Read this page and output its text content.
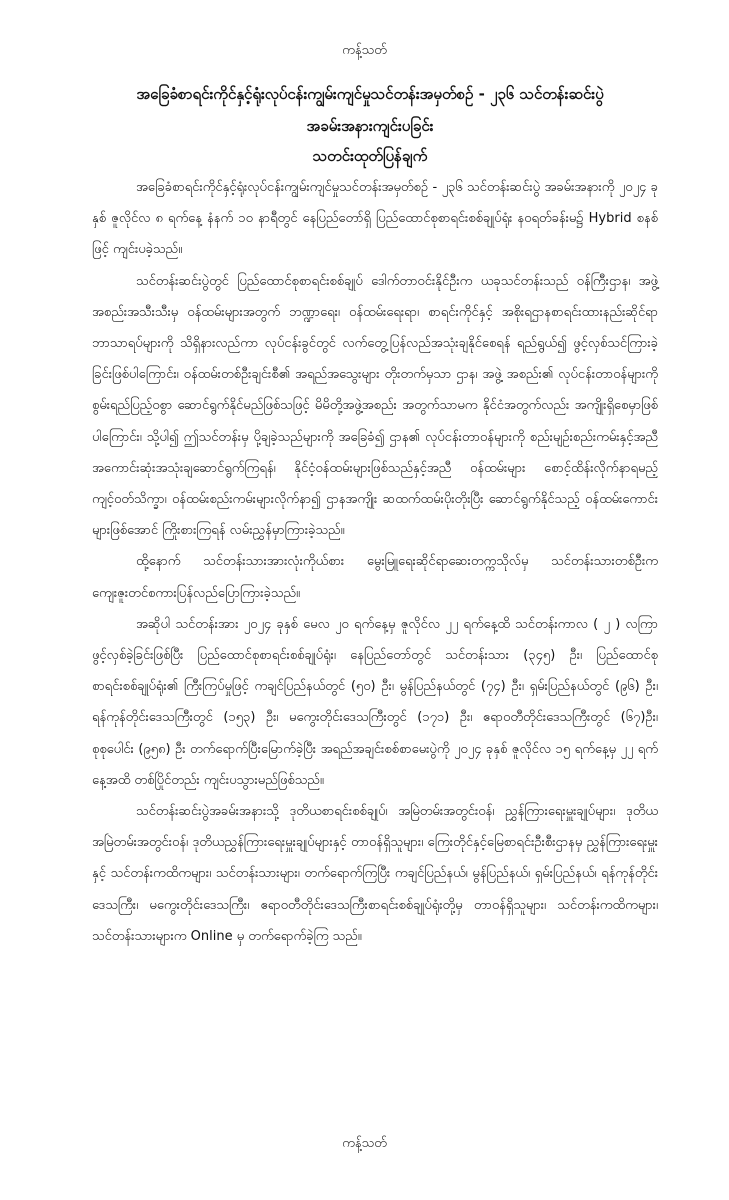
ကန့်သတ်
အခြေခံစာရင်းကိုင်နှင့်ရုံးလုပ်ငန်းကျွမ်းကျင်မှုသင်တန်းအမှတ်စဉ် - ၂၃၆ သင်တန်းဆင်းပွဲ
အခမ်းအနားကျင်းပခြင်း
သတင်းထုတ်ပြန်ချက်

အခြေခံစာရင်းကိုင်နှင့်ရုံးလုပ်ငန်းကျွမ်းကျင်မှုသင်တန်းအမှတ်စဉ် - ၂၃၆ သင်တန်းဆင်းပွဲ အခမ်းအနားကို ၂၀၂၄ ခုနှစ် ဇူလိုင်လ ၈ ရက်နေ့ နံနက် ၁၀ နာရီတွင် နေပြည်တော်ရှိ ပြည်ထောင်စုစာရင်းစစ်ချုပ်ရုံး နဝရတ်ခန်းမ၌ Hybrid စနစ်ဖြင့် ကျင်းပခဲ့သည်။

သင်တန်းဆင်းပွဲတွင် ပြည်ထောင်စုစာရင်းစစ်ချုပ် ဒေါက်တာဝင်းနိုင်ဦးက ယခုသင်တန်းသည် ဝန်ကြီးဌာန၊ အဖွဲ့အစည်းအသီးသီးမှ ဝန်ထမ်းများအတွက် ဘဏ္ဍာရေး၊ ဝန်ထမ်းရေးရာ၊ စာရင်းကိုင်နှင့် အစိုးရဌာနစာရင်းထားနည်းဆိုင်ရာ ဘာသာရပ်များကို သိရှိနားလည်ကာ လုပ်ငန်းခွင်တွင် လက်တွေ့ပြန်လည်အသုံးချနိုင်စေရန် ရည်ရွယ်၍ ဖွင့်လှစ်သင်ကြားခဲ့ခြင်းဖြစ်ပါကြောင်း၊ ဝန်ထမ်းတစ်ဦးချင်းစီ၏ အရည်အသွေးများ တိုးတက်မှသာ ဌာန၊ အဖွဲ့ အစည်း၏ လုပ်ငန်းတာဝန်များကို စွမ်းရည်ပြည့်ဝစွာ ဆောင်ရွက်နိုင်မည်ဖြစ်သဖြင့် မိမိတို့အဖွဲ့အစည်း အတွက်သာမက နိုင်ငံအတွက်လည်း အကျိုးရှိစေမှာဖြစ်ပါကြောင်း၊ သို့ပါ၍ ဤသင်တန်းမှ ပို့ချခဲ့သည်များကို အခြေခံ၍ ဌာန၏ လုပ်ငန်းတာဝန်များကို စည်းမျဉ်းစည်းကမ်းနှင့်အညီ အကောင်းဆုံးအသုံးချဆောင်ရွက်ကြရန်၊ နိုင်ငံ့ဝန်ထမ်းများဖြစ်သည်နှင့်အညီ ဝန်ထမ်းများ စောင့်ထိန်းလိုက်နာရမည့် ကျင့်ဝတ်သိက္ခာ၊ ဝန်ထမ်းစည်းကမ်းများလိုက်နာ၍ ဌာနအကျိုး ဆထက်ထမ်းပိုးတိုးပြီး ဆောင်ရွက်နိုင်သည့် ဝန်ထမ်းကောင်းများဖြစ်အောင် ကြိုးစားကြရန် လမ်းညွှန်မှာကြားခဲ့သည်။

ထို့နောက် သင်တန်းသားအားလုံးကိုယ်စား မွေးမြူရေးဆိုင်ရာဆေးတက္ကသိုလ်မှ သင်တန်းသားတစ်ဦးက ကျေးဇူးတင်စကားပြန်လည်ပြောကြားခဲ့သည်။

အဆိုပါ သင်တန်းအား ၂၀၂၄ ခုနှစ် မေလ ၂၀ ရက်နေ့မှ ဇူလိုင်လ ၂၂ ရက်နေ့ထိ သင်တန်းကာလ ( ၂ ) လကြာ ဖွင့်လှစ်ခဲ့ခြင်းဖြစ်ပြီး ပြည်ထောင်စုစာရင်းစစ်ချုပ်ရုံး၊ နေပြည်တော်တွင် သင်တန်းသား (၃၄၅) ဦး၊ ပြည်ထောင်စုစာရင်းစစ်ချုပ်ရုံး၏ ကြီးကြပ်မှုဖြင့် ကချင်ပြည်နယ်တွင် (၅၀) ဦး၊ မွန်ပြည်နယ်တွင် (၇၄) ဦး၊ ရှမ်းပြည်နယ်တွင် (၉၆) ဦး၊ ရန်ကုန်တိုင်းဒေသကြီးတွင် (၁၅၃) ဦး၊ မကွေးတိုင်းဒေသကြီးတွင် (၁၇၁) ဦး၊ ဧရာဝတီတိုင်းဒေသကြီးတွင် (၆၇)ဦး၊ စုစုပေါင်း (၉၅၈) ဦး တက်ရောက်ပြီးမြောက်ခဲ့ပြီး အရည်အချင်းစစ်စာမေးပွဲကို ၂၀၂၄ ခုနှစ် ဇူလိုင်လ ၁၅ ရက်နေ့မှ ၂၂ ရက်နေ့အထိ တစ်ပြိုင်တည်း ကျင်းပသွားမည်ဖြစ်သည်။

သင်တန်းဆင်းပွဲအခမ်းအနားသို့ ဒုတိယစာရင်းစစ်ချုပ်၊ အမြဲတမ်းအတွင်းဝန်၊ ညွှန်ကြားရေးမှူးချုပ်များ၊ ဒုတိယအမြဲတမ်းအတွင်းဝန်၊ ဒုတိယညွှန်ကြားရေးမှူးချုပ်များနှင့် တာဝန်ရှိသူများ၊ ကြေးတိုင်နှင့်မြေစာရင်းဦးစီးဌာနမှ ညွှန်ကြားရေးမှူးနှင့် သင်တန်းကထိကများ၊ သင်တန်းသားများ၊ တက်ရောက်ကြပြီး ကချင်ပြည်နယ်၊ မွန်ပြည်နယ်၊ ရှမ်းပြည်နယ်၊ ရန်ကုန်တိုင်းဒေသကြီး၊ မကွေးတိုင်းဒေသကြီး၊ ဧရာဝတီတိုင်းဒေသကြီးစာရင်းစစ်ချုပ်ရုံးတို့မှ တာဝန်ရှိသူများ၊ သင်တန်းကထိကများ၊ သင်တန်းသားများက Online မှ တက်ရောက်ခဲ့ကြ သည်။

ကန့်သတ်
